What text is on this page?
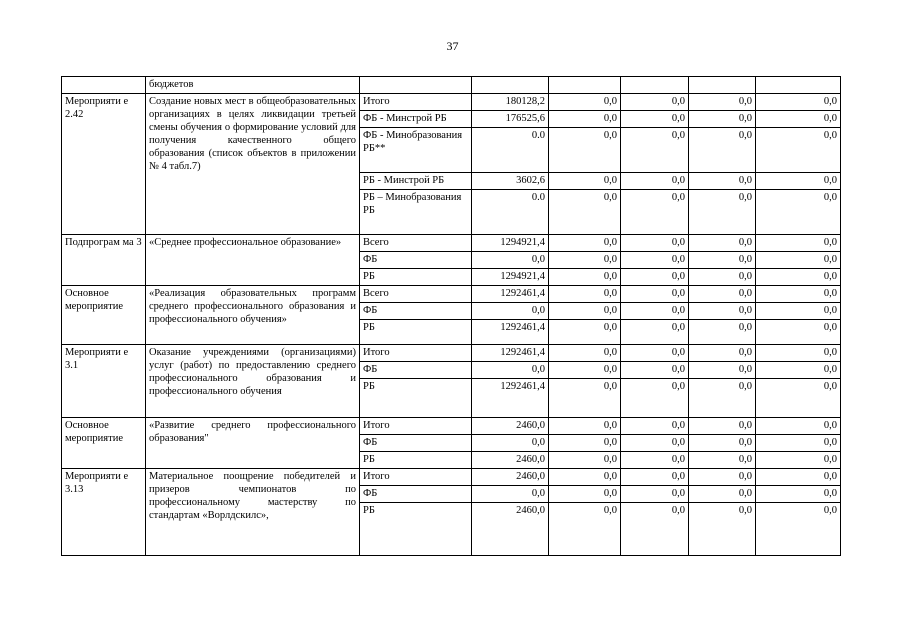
37
	бюджетов						
Мероприяти е 2.42	Создание новых мест в общеобразовательных организациях в целях ликвидации третьей смены обучения о формирование условий для получения качественного общего образования (список объектов в приложении № 4 табл.7)	Итого	180128,2	0,0	0,0	0,0	0,0
		ФБ - Минстрой РБ	176525,6	0,0	0,0	0,0	0,0
		ФБ - Минобразования РБ**	0.0	0,0	0,0	0,0	0,0
		РБ - Минстрой РБ	3602,6	0,0	0,0	0,0	0,0
		РБ – Минобразования РБ	0.0	0,0	0,0	0,0	0,0
Подпрограм ма 3	«Среднее профессиональное образование»	Всего	1294921,4	0,0	0,0	0,0	0,0
		ФБ	0,0	0,0	0,0	0,0	0,0
		РБ	1294921,4	0,0	0,0	0,0	0,0
Основное мероприятие	«Реализация образовательных программ среднего профессионального образования и профессионального обучения»	Всего	1292461,4	0,0	0,0	0,0	0,0
		ФБ	0,0	0,0	0,0	0,0	0,0
		РБ	1292461,4	0,0	0,0	0,0	0,0
Мероприяти е 3.1	Оказание учреждениями (организациями) услуг (работ) по предоставлению среднего профессионального образования и профессионального обучения	Итого	1292461,4	0,0	0,0	0,0	0,0
		ФБ	0,0	0,0	0,0	0,0	0,0
		РБ	1292461,4	0,0	0,0	0,0	0,0
Основное мероприятие	«Развитие среднего профессионального образования"	Итого	2460,0	0,0	0,0	0,0	0,0
		ФБ	0,0	0,0	0,0	0,0	0,0
		РБ	2460,0	0,0	0,0	0,0	0,0
Мероприяти е 3.13	Материальное поощрение победителей и призеров чемпионатов по профессиональному мастерству по стандартам «Ворлдскилс»,	Итого	2460,0	0,0	0,0	0,0	0,0
		ФБ	0,0	0,0	0,0	0,0	0,0
		РБ	2460,0	0,0	0,0	0,0	0,0
